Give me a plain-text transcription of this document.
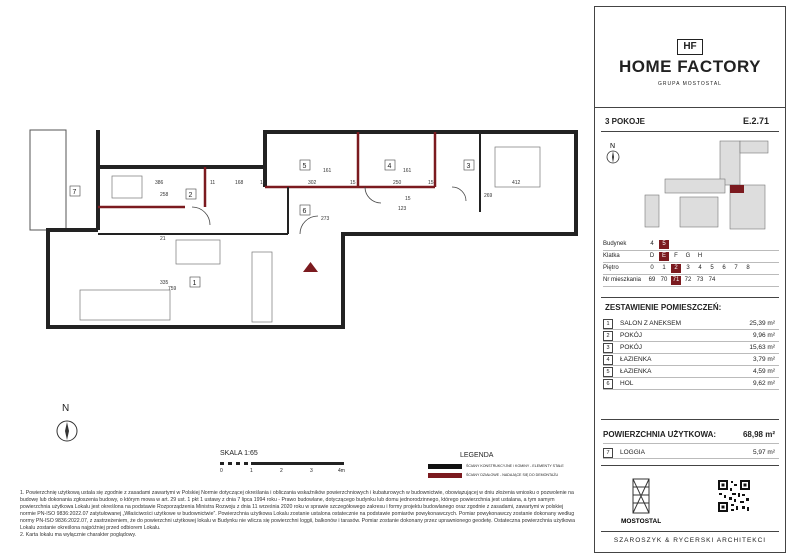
2
1
3
4
5
6
7
386
258
11	168	15	302
161
15	250
161
15	412
269
273
123
15
21
335
759
N
SKALA 1:65
0	1	2	3	4m
LEGENDA
ŚCIANY KONSTRUKCYJNE / KOMINY - ELEMENTY STAŁE
ŚCIANY DZIAŁOWE - NADAJĄCE SIĘ DO DEMONTAŻU
1. Powierzchnię użytkową ustala się zgodnie z zasadami zawartymi w Polskiej Normie dotyczącej określania i obliczania wskaźników powierzchniowych i kubaturowych w budownictwie, obowiązującej w dniu złożenia wniosku o pozwolenie na budowę lub dokonania zgłoszenia budowy, o którym mowa w art. 29 ust. 1 pkt 1 ustawy z dnia 7 lipca 1994 roku - Prawo budowlane, dotyczącego budynku lub domu jednorodzinnego, którego powierzchnia jest ustalana, a tym samym powierzchnia użytkowa Lokalu jest określona na podstawie Rozporządzenia Ministra Rozwoju z dnia 11 września 2020 roku w sprawie szczegółowego zakresu i formy projektu budowlanego oraz zgodnie z zasadami, zawartymi w polskiej normie PN-ISO 9836:2022.07 zatytułowanej „Właściwości użytkowe w budownictwie”. Powierzchnia użytkowa Lokalu zostanie ustalona ostatecznie na podstawie pomiarów powykonawczych. Pomiar powykonawczy zostanie dokonany według normy PN-ISO 9836:2022.07, z zastrzeżeniem, że do powierzchni użytkowej lokalu w Budynku nie wlicza się powierzchni loggii, balkonów i tarasów. Pomiar zostanie dokonany przez uprawnionego geodetę. Ostateczna powierzchnia użytkowa Lokalu zostanie określona najpóźniej przed odbiorem Lokalu.
2. Karta lokalu ma wyłącznie charakter poglądowy.
HF
HOME FACTORY
GRUPA MOSTOSTAL
3 POKOJE	E.2.71
N
Budynek	4	5
Klatka	D	E	F	G	H
Piętro	0	1	2	3	4	5	6	7	8
Nr mieszkania	69 70 71 72 73 74
ZESTAWIENIE POMIESZCZEŃ:
1	SALON Z ANEKSEM	25,39 m²
2	POKÓJ	9,96 m²
3	POKÓJ	15,63 m²
4	ŁAZIENKA	3,79 m²
5	ŁAZIENKA	4,59 m²
6	HOL	9,62 m²
POWIERZCHNIA UŻYTKOWA:	68,98 m²
7	LOGGIA	5,97 m²
MOSTOSTAL
SZAROSZYK & RYCERSKI ARCHITEKCI
